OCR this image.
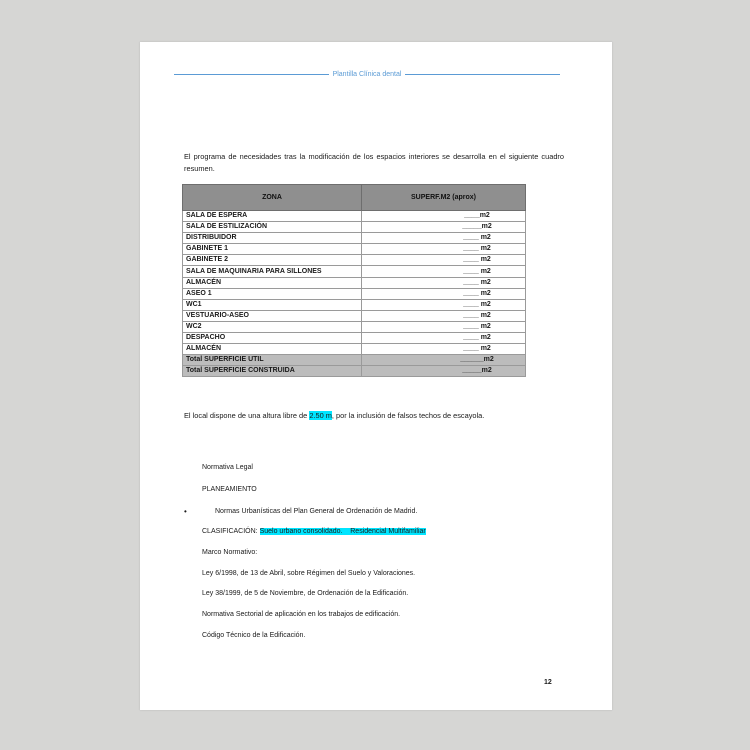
Plantilla Clínica dental
El programa de necesidades tras la modificación de los espacios interiores se desarrolla en el siguiente cuadro resumen.
ZONA	SUPERF.M2 (aprox)
SALA DE ESPERA	____m2
SALA DE ESTILIZACIÓN	_____m2
DISTRIBUIDOR	____ m2
GABINETE 1	____ m2
GABINETE 2	____ m2
SALA DE MAQUINARIA PARA SILLONES	____ m2
ALMACÉN	____ m2
ASEO 1	____ m2
WC1	____ m2
VESTUARIO-ASEO	____ m2
WC2	____ m2
DESPACHO	____ m2
ALMACÉN	____ m2
Total SUPERFICIE UTIL	______m2
Total SUPERFICIE CONSTRUIDA	_____m2
El local dispone de una altura libre de 2.50 m, por la inclusión de falsos techos de escayola.
Normativa Legal
PLANEAMIENTO
•	Normas Urbanísticas del Plan General de Ordenación de Madrid.
CLASIFICACIÓN: Suelo urbano consolidado.    Residencial Multifamiliar
Marco Normativo:
Ley 6/1998, de 13 de Abril, sobre Régimen del Suelo y Valoraciones.
Ley 38/1999, de 5 de Noviembre, de Ordenación de la Edificación.
Normativa Sectorial de aplicación en los trabajos de edificación.
Código Técnico de la Edificación.
12
